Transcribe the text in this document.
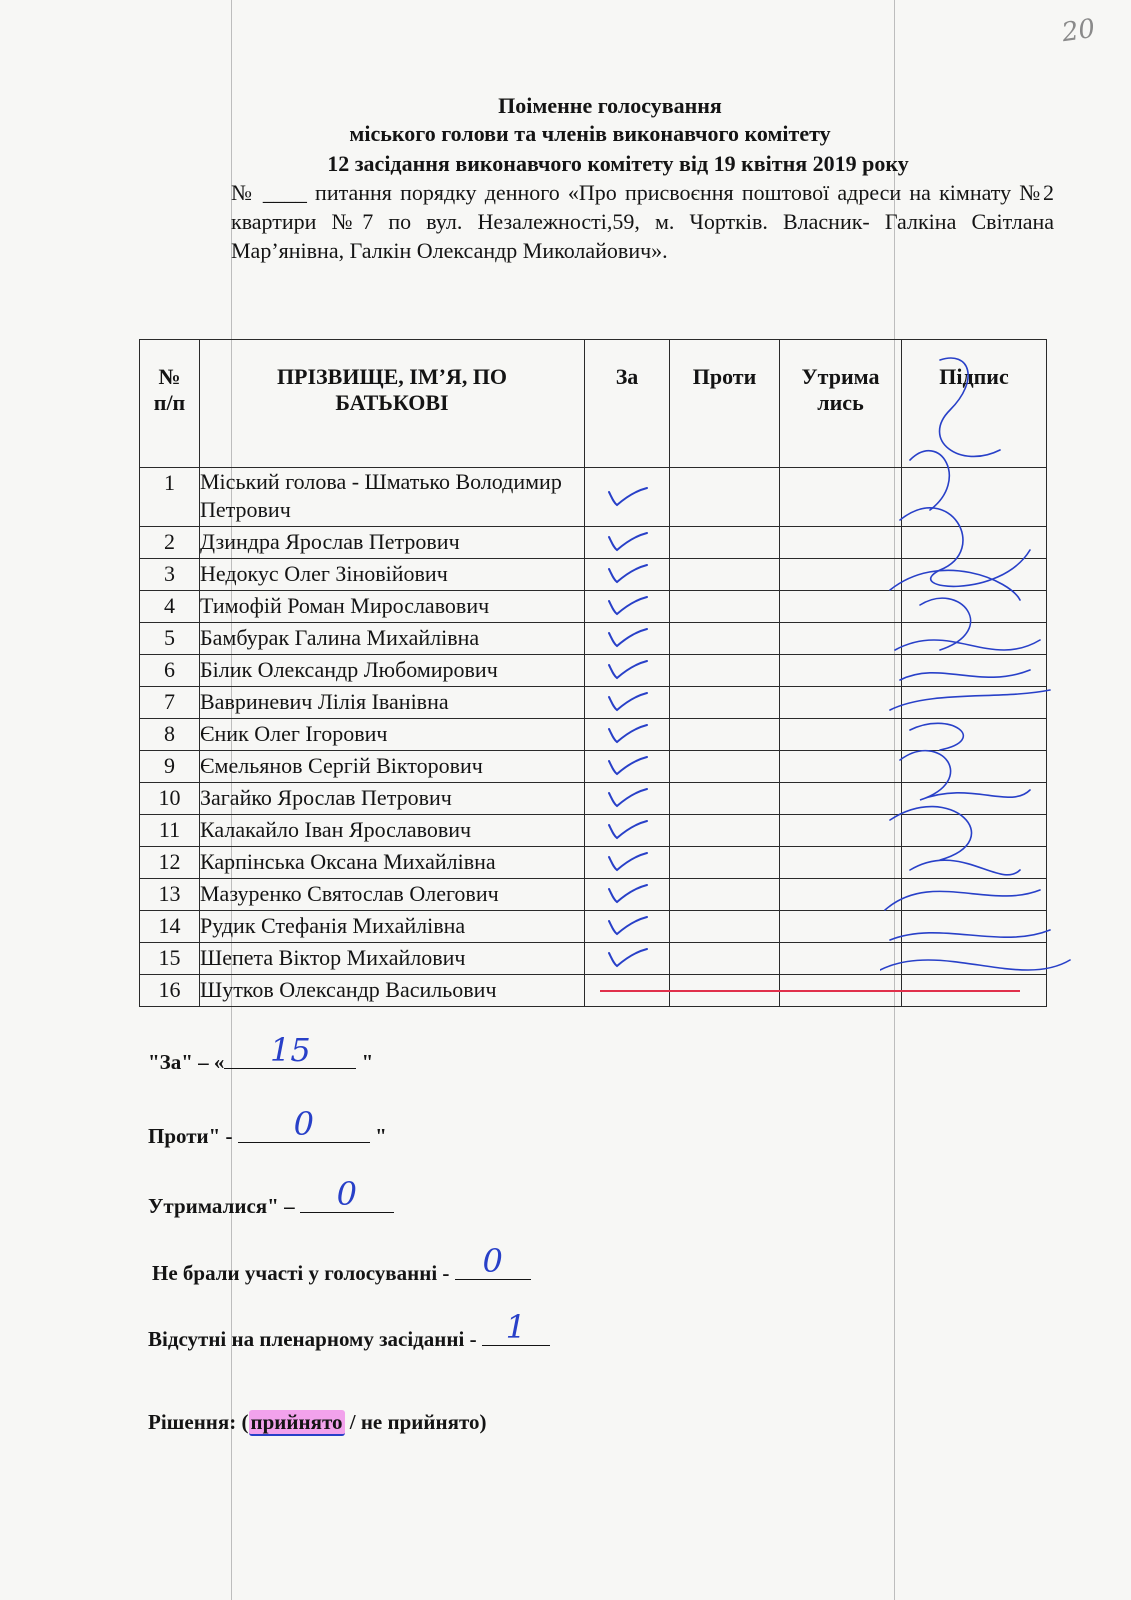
20
Поіменне голосування
міського голови та членів виконавчого комітету
12 засідання виконавчого комітету від 19 квітня 2019 року
№ ____ питання порядку денного «Про присвоєння поштової адреси на кімнату №2 квартири №7 по вул. Незалежності,59, м. Чортків. Власник- Галкіна Світлана Мар’янівна, Галкін Олександр Миколайович».
№ п/п	ПРІЗВИЩЕ, ІМ’Я, ПО БАТЬКОВІ	За	Проти	Утрима лись	Підпис
1	Міський голова - Шматько Володимир Петрович	

2	Дзиндра Ярослав Петрович	

3	Недокус Олег Зіновійович	

4	Тимофій Роман Мирославович	

5	Бамбурак Галина Михайлівна	

6	Білик Олександр Любомирович	

7	Вавриневич Лілія Іванівна	

8	Єник Олег Ігорович	

9	Ємельянов Сергій Вікторович	

10	Загайко Ярослав Петрович	

11	Калакайло Іван Ярославович	

12	Карпінська Оксана Михайлівна	

13	Мазуренко Святослав Олегович	

14	Рудик Стефанія Михайлівна	

15	Шепета Віктор Михайлович	

16	Шутков Олександр Васильович				
"За" – «	15	"
Проти" -	0	"
Утрималися" –	0
Не брали участі у голосуванні -	0
Відсутні на пленарному засіданні - 1
Рішення: (прийнято / не прийнято)
